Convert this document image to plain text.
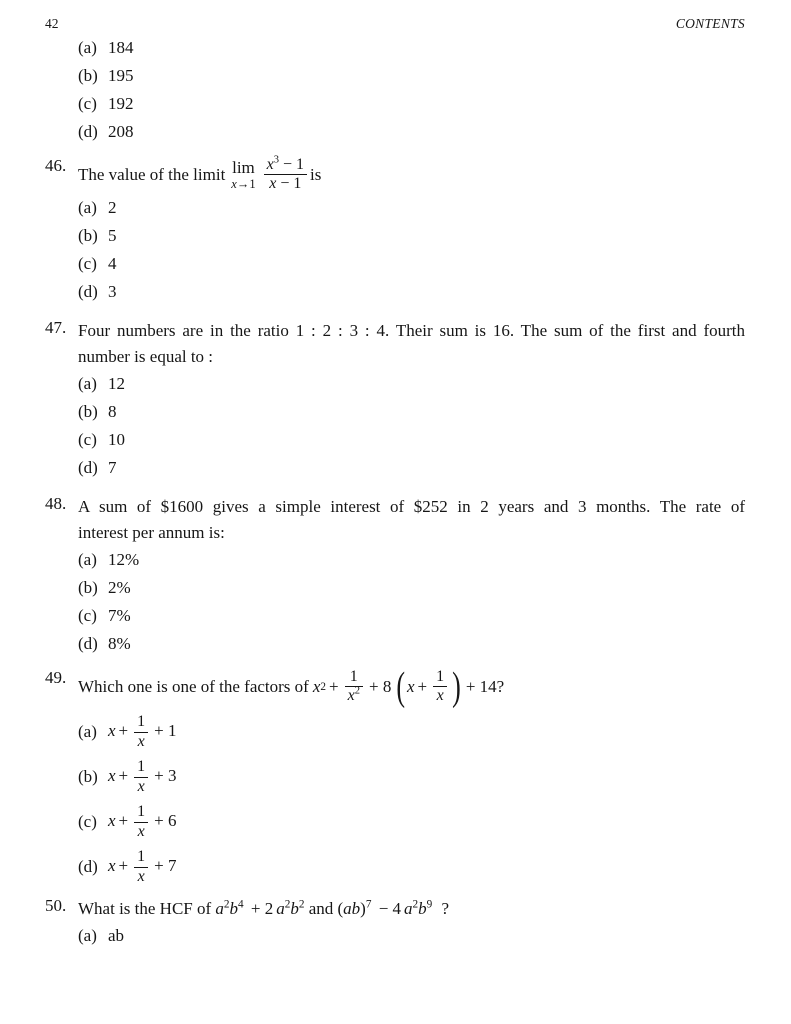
42	CONTENTS
(a) 184
(b) 195
(c) 192
(d) 208
46. The value of the limit lim
$x\to 1 \frac{x^3 - 1}{x - 1}$ is
(a) 2
(b) 5
(c) 4
(d) 3
47. Four numbers are in the ratio 1 : 2 : 3 : 4. Their sum is 16. The sum of the first and fourth
number is equal to :
(a) 12
(b) 8
(c) 10
(d) 7
48. A sum of $1600 gives a simple interest of $252 in 2 years and 3 months. The rate of
interest per annum is:
(a) 12%
(b) 2%
(c) 7%
(d) 8%
49. Which one is one of the factors of x $2 + \frac{1}{x^2} + 8$ ( $x + \frac{1}{x}$ ) + 14?
(a) $x + \frac{1}{x} + 1$
(b) $x + \frac{1}{x} + 3$
(c) $x + \frac{1}{x} + 6$
(d) $x + \frac{1}{x} + 7$
50. What is the HCF of $a^2b^4 + 2$ $a^2b^2$ and (ab)$^7$ − 4 $a^2b^9$ ?
(a) ab
